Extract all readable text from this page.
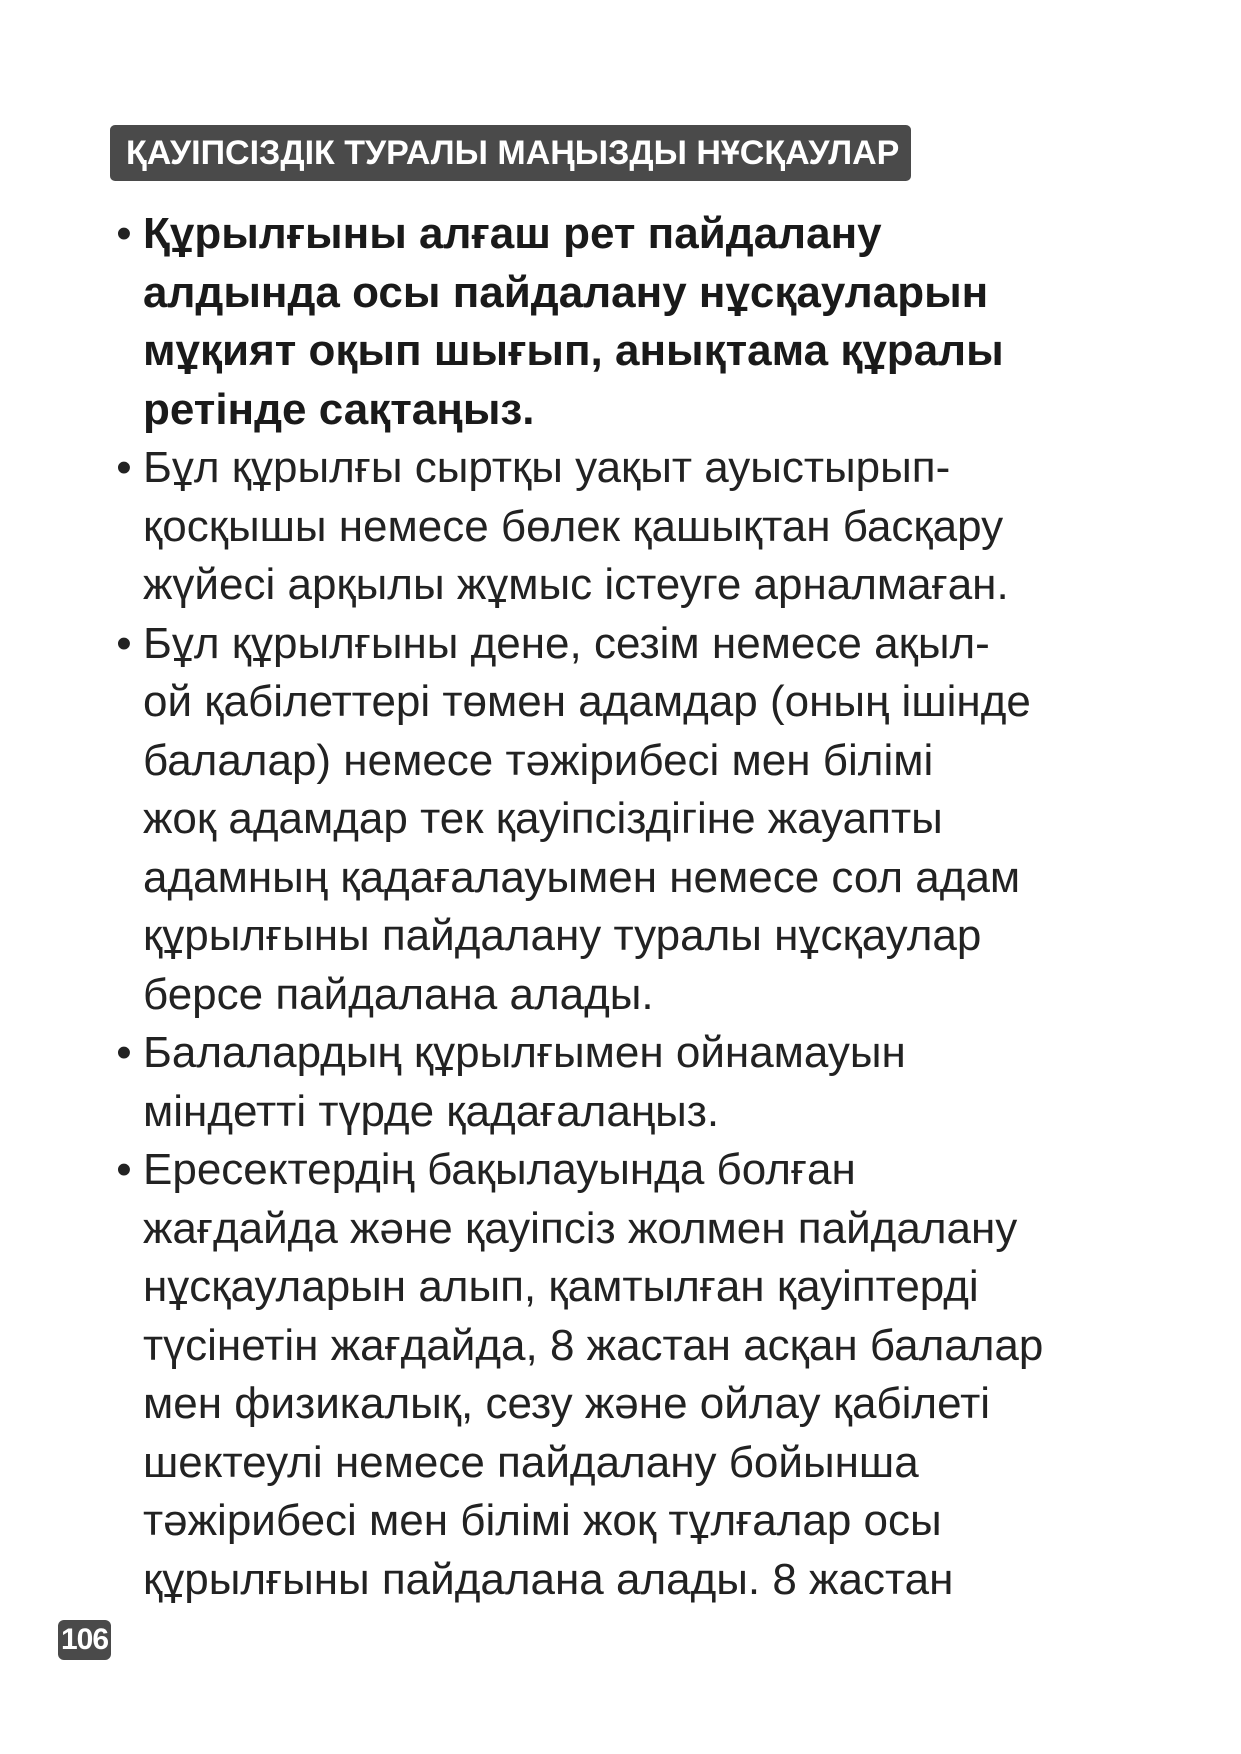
ҚАУІПСІЗДІК ТУРАЛЫ МАҢЫЗДЫ НҰСҚАУЛАР
• Құрылғыны алғаш рет пайдалану
алдында осы пайдалану нұсқауларын
мұқият оқып шығып, анықтама құралы
ретінде сақтаңыз.
• Бұл құрылғы сыртқы уақыт ауыстырып-
қосқышы немесе бөлек қашықтан басқару
жүйесі арқылы жұмыс істеуге арналмаған.
• Бұл құрылғыны дене, сезім немесе ақыл-
ой қабілеттері төмен адамдар (оның ішінде
балалар) немесе тәжірибесі мен білімі
жоқ адамдар тек қауіпсіздігіне жауапты
адамның қадағалауымен немесе сол адам
құрылғыны пайдалану туралы нұсқаулар
берсе пайдалана алады.
• Балалардың құрылғымен ойнамауын
міндетті түрде қадағалаңыз.
• Ересектердің бақылауында болған
жағдайда және қауіпсіз жолмен пайдалану
нұсқауларын алып, қамтылған қауіптерді
түсінетін жағдайда, 8 жастан асқан балалар
мен физикалық, сезу және ойлау қабілеті
шектеулі немесе пайдалану бойынша
тәжірибесі мен білімі жоқ тұлғалар осы
құрылғыны пайдалана алады. 8 жастан
106
